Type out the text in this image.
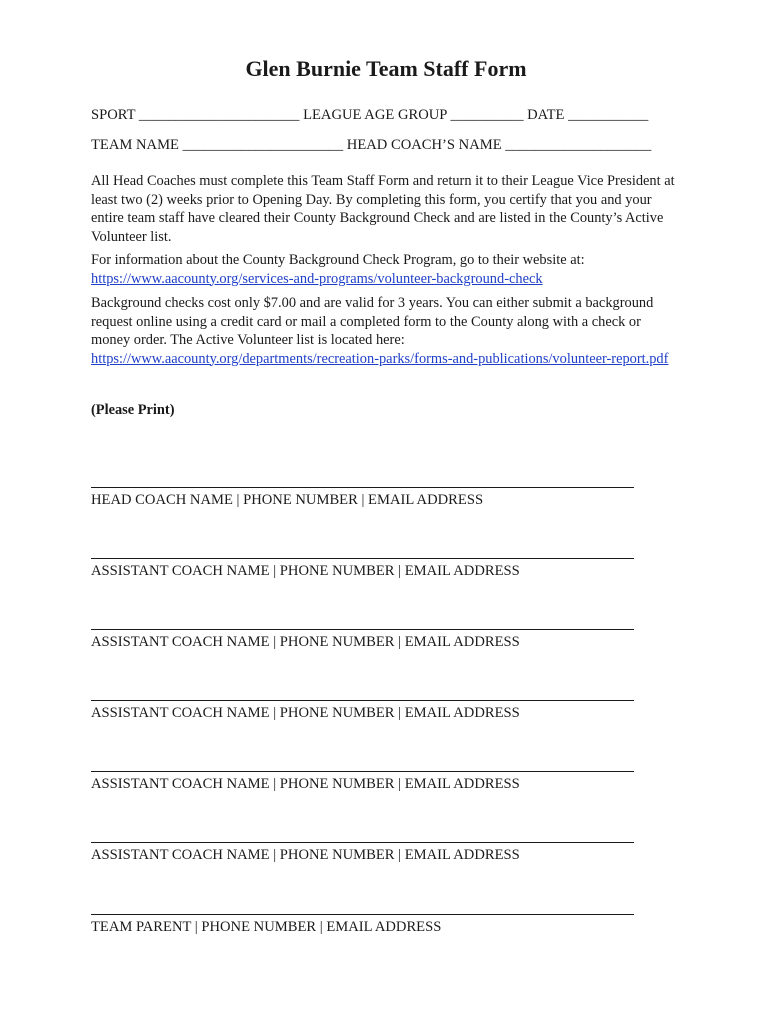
Glen Burnie Team Staff Form

SPORT ______________________ LEAGUE AGE GROUP __________ DATE ___________

TEAM NAME ______________________ HEAD COACH’S NAME ____________________

All Head Coaches must complete this Team Staff Form and return it to their League Vice President at least two (2) weeks prior to Opening Day. By completing this form, you certify that you and your entire team staff have cleared their County Background Check and are listed in the County’s Active Volunteer list.

For information about the County Background Check Program, go to their website at:
https://www.aacounty.org/services-and-programs/volunteer-background-check

Background checks cost only $7.00 and are valid for 3 years. You can either submit a background request online using a credit card or mail a completed form to the County along with a check or money order. The Active Volunteer list is located here:
https://www.aacounty.org/departments/recreation-parks/forms-and-publications/volunteer-report.pdf

(Please Print)

HEAD COACH NAME | PHONE NUMBER | EMAIL ADDRESS
ASSISTANT COACH NAME | PHONE NUMBER | EMAIL ADDRESS
ASSISTANT COACH NAME | PHONE NUMBER | EMAIL ADDRESS
ASSISTANT COACH NAME | PHONE NUMBER | EMAIL ADDRESS
ASSISTANT COACH NAME | PHONE NUMBER | EMAIL ADDRESS
ASSISTANT COACH NAME | PHONE NUMBER | EMAIL ADDRESS
TEAM PARENT | PHONE NUMBER | EMAIL ADDRESS
